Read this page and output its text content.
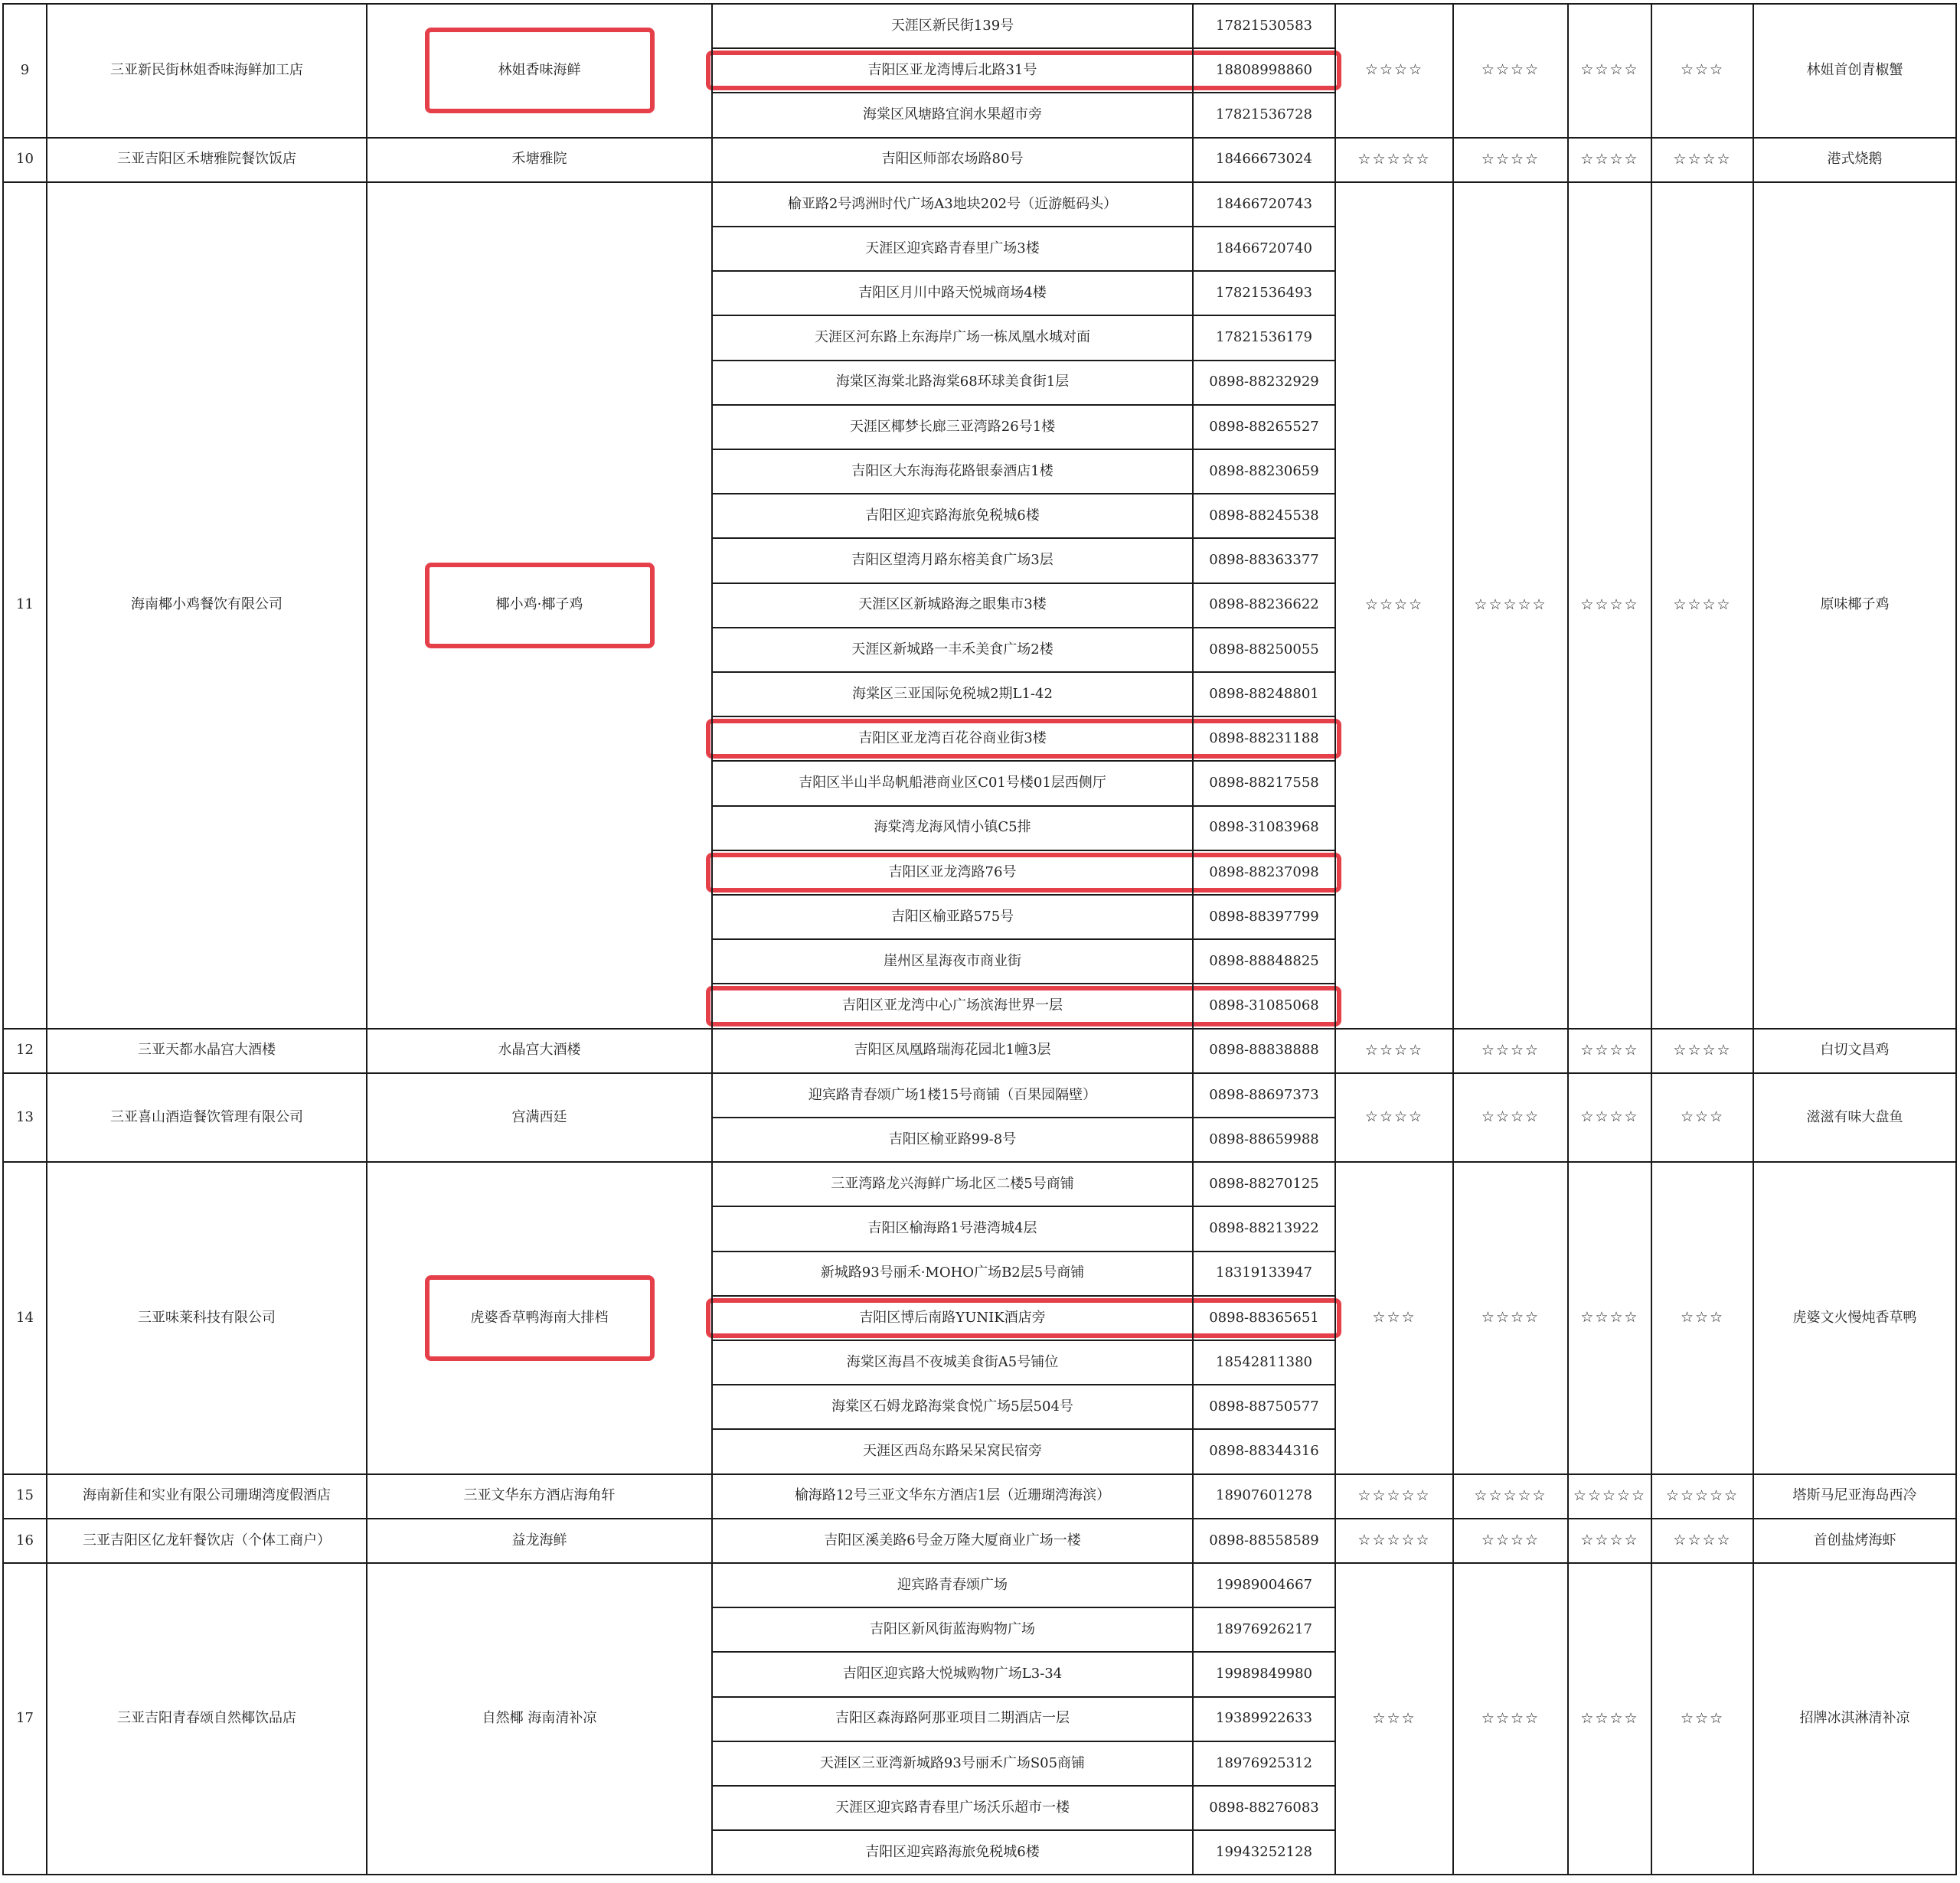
9	三亚新民街林姐香味海鲜加工店	林姐香味海鲜	☆☆☆☆	☆☆☆☆	☆☆☆☆	☆☆☆	林姐首创青椒蟹
天涯区新民街139号	17821530583
吉阳区亚龙湾博后北路31号	18808998860
海棠区风塘路宜润水果超市旁	17821536728
10	三亚吉阳区禾塘雅院餐饮饭店	禾塘雅院	☆☆☆☆☆	☆☆☆☆	☆☆☆☆	☆☆☆☆	港式烧鹅
吉阳区师部农场路80号	18466673024
11	海南椰小鸡餐饮有限公司	椰小鸡·椰子鸡	☆☆☆☆	☆☆☆☆☆	☆☆☆☆	☆☆☆☆	原味椰子鸡
榆亚路2号鸿洲时代广场A3地块202号（近游艇码头）	18466720743
天涯区迎宾路青春里广场3楼	18466720740
吉阳区月川中路天悦城商场4楼	17821536493
天涯区河东路上东海岸广场一栋凤凰水城对面	17821536179
海棠区海棠北路海棠68环球美食街1层	0898-88232929
天涯区椰梦长廊三亚湾路26号1楼	0898-88265527
吉阳区大东海海花路银泰酒店1楼	0898-88230659
吉阳区迎宾路海旅免税城6楼	0898-88245538
吉阳区望湾月路东榕美食广场3层	0898-88363377
天涯区区新城路海之眼集市3楼	0898-88236622
天涯区新城路一丰禾美食广场2楼	0898-88250055
海棠区三亚国际免税城2期L1-42	0898-88248801
吉阳区亚龙湾百花谷商业街3楼	0898-88231188
吉阳区半山半岛帆船港商业区C01号楼01层西侧厅	0898-88217558
海棠湾龙海风情小镇C5排	0898-31083968
吉阳区亚龙湾路76号	0898-88237098
吉阳区榆亚路575号	0898-88397799
崖州区星海夜市商业街	0898-88848825
吉阳区亚龙湾中心广场滨海世界一层	0898-31085068
12	三亚天都水晶宫大酒楼	水晶宫大酒楼	☆☆☆☆	☆☆☆☆	☆☆☆☆	☆☆☆☆	白切文昌鸡
吉阳区凤凰路瑞海花园北1幢3层	0898-88838888
13	三亚喜山酒造餐饮管理有限公司	宫满西廷	☆☆☆☆	☆☆☆☆	☆☆☆☆	☆☆☆	滋滋有味大盘鱼
迎宾路青春颂广场1楼15号商铺（百果园隔壁）	0898-88697373
吉阳区榆亚路99-8号	0898-88659988
14	三亚味莱科技有限公司	虎婆香草鸭海南大排档	☆☆☆	☆☆☆☆	☆☆☆☆	☆☆☆	虎婆文火慢炖香草鸭
三亚湾路龙兴海鲜广场北区二楼5号商铺	0898-88270125
吉阳区榆海路1号港湾城4层	0898-88213922
新城路93号丽禾·MOHO广场B2层5号商铺	18319133947
吉阳区博后南路YUNIK酒店旁	0898-88365651
海棠区海昌不夜城美食街A5号铺位	18542811380
海棠区石姆龙路海棠食悦广场5层504号	0898-88750577
天涯区西岛东路呆呆窝民宿旁	0898-88344316
15	海南新佳和实业有限公司珊瑚湾度假酒店	三亚文华东方酒店海角轩	☆☆☆☆☆	☆☆☆☆☆	☆☆☆☆☆	☆☆☆☆☆	塔斯马尼亚海岛西冷
榆海路12号三亚文华东方酒店1层（近珊瑚湾海滨）	18907601278
16	三亚吉阳区亿龙轩餐饮店（个体工商户）	益龙海鲜	☆☆☆☆☆	☆☆☆☆	☆☆☆☆	☆☆☆☆	首创盐烤海虾
吉阳区溪美路6号金万隆大厦商业广场一楼	0898-88558589
17	三亚吉阳青春颂自然椰饮品店	自然椰 海南清补凉	☆☆☆	☆☆☆☆	☆☆☆☆	☆☆☆	招牌冰淇淋清补凉
迎宾路青春颂广场	19989004667
吉阳区新风街蓝海购物广场	18976926217
吉阳区迎宾路大悦城购物广场L3-34	19989849980
吉阳区森海路阿那亚项目二期酒店一层	19389922633
天涯区三亚湾新城路93号丽禾广场S05商铺	18976925312
天涯区迎宾路青春里广场沃乐超市一楼	0898-88276083
吉阳区迎宾路海旅免税城6楼	19943252128
